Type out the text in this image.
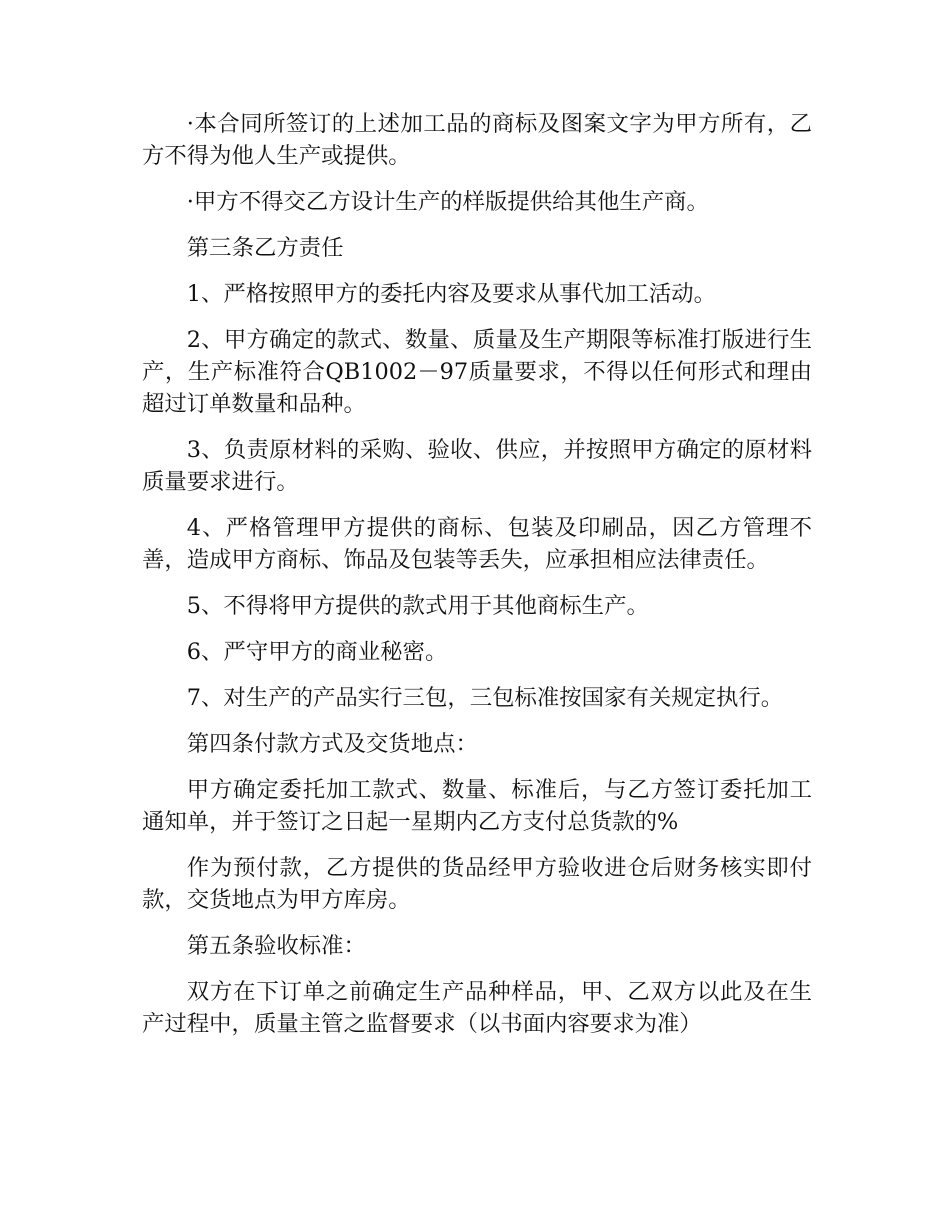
·本合同所签订的上述加工品的商标及图案文字为甲方所有，乙方不得为他人生产或提供。

·甲方不得交乙方设计生产的样版提供给其他生产商。

第三条乙方责任

1、严格按照甲方的委托内容及要求从事代加工活动。

2、甲方确定的款式、数量、质量及生产期限等标准打版进行生产，生产标准符合QB1002－97质量要求，不得以任何形式和理由超过订单数量和品种。

3、负责原材料的采购、验收、供应，并按照甲方确定的原材料质量要求进行。

4、严格管理甲方提供的商标、包装及印刷品，因乙方管理不善，造成甲方商标、饰品及包装等丢失，应承担相应法律责任。

5、不得将甲方提供的款式用于其他商标生产。

6、严守甲方的商业秘密。

7、对生产的产品实行三包，三包标准按国家有关规定执行。

第四条付款方式及交货地点：

甲方确定委托加工款式、数量、标准后，与乙方签订委托加工通知单，并于签订之日起一星期内乙方支付总货款的%

作为预付款，乙方提供的货品经甲方验收进仓后财务核实即付款，交货地点为甲方库房。

第五条验收标准：

双方在下订单之前确定生产品种样品，甲、乙双方以此及在生产过程中，质量主管之监督要求（以书面内容要求为准）
